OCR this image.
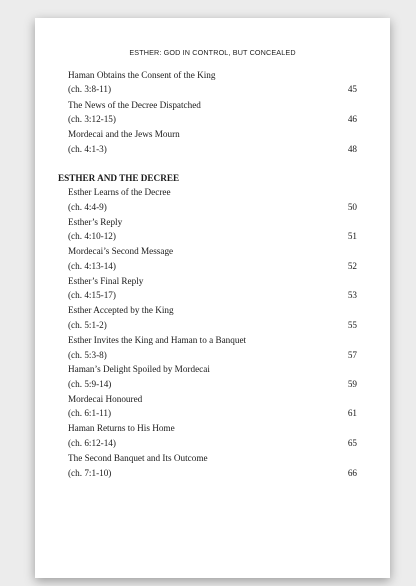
ESTHER: GOD IN CONTROL, BUT CONCEALED
Haman Obtains the Consent of the King
(ch. 3:8-11)	45
The News of the Decree Dispatched
(ch. 3:12-15)	46
Mordecai and the Jews Mourn
(ch. 4:1-3)	48
ESTHER AND THE DECREE
Esther Learns of the Decree
(ch. 4:4-9)	50
Esther’s Reply
(ch. 4:10-12)	51
Mordecai’s Second Message
(ch. 4:13-14)	52
Esther’s Final Reply
(ch. 4:15-17)	53
Esther Accepted by the King
(ch. 5:1-2)	55
Esther Invites the King and Haman to a Banquet
(ch. 5:3-8)	57
Haman’s Delight Spoiled by Mordecai
(ch. 5:9-14)	59
Mordecai Honoured
(ch. 6:1-11)	61
Haman Returns to His Home
(ch. 6:12-14)	65
The Second Banquet and Its Outcome
(ch. 7:1-10)	66
